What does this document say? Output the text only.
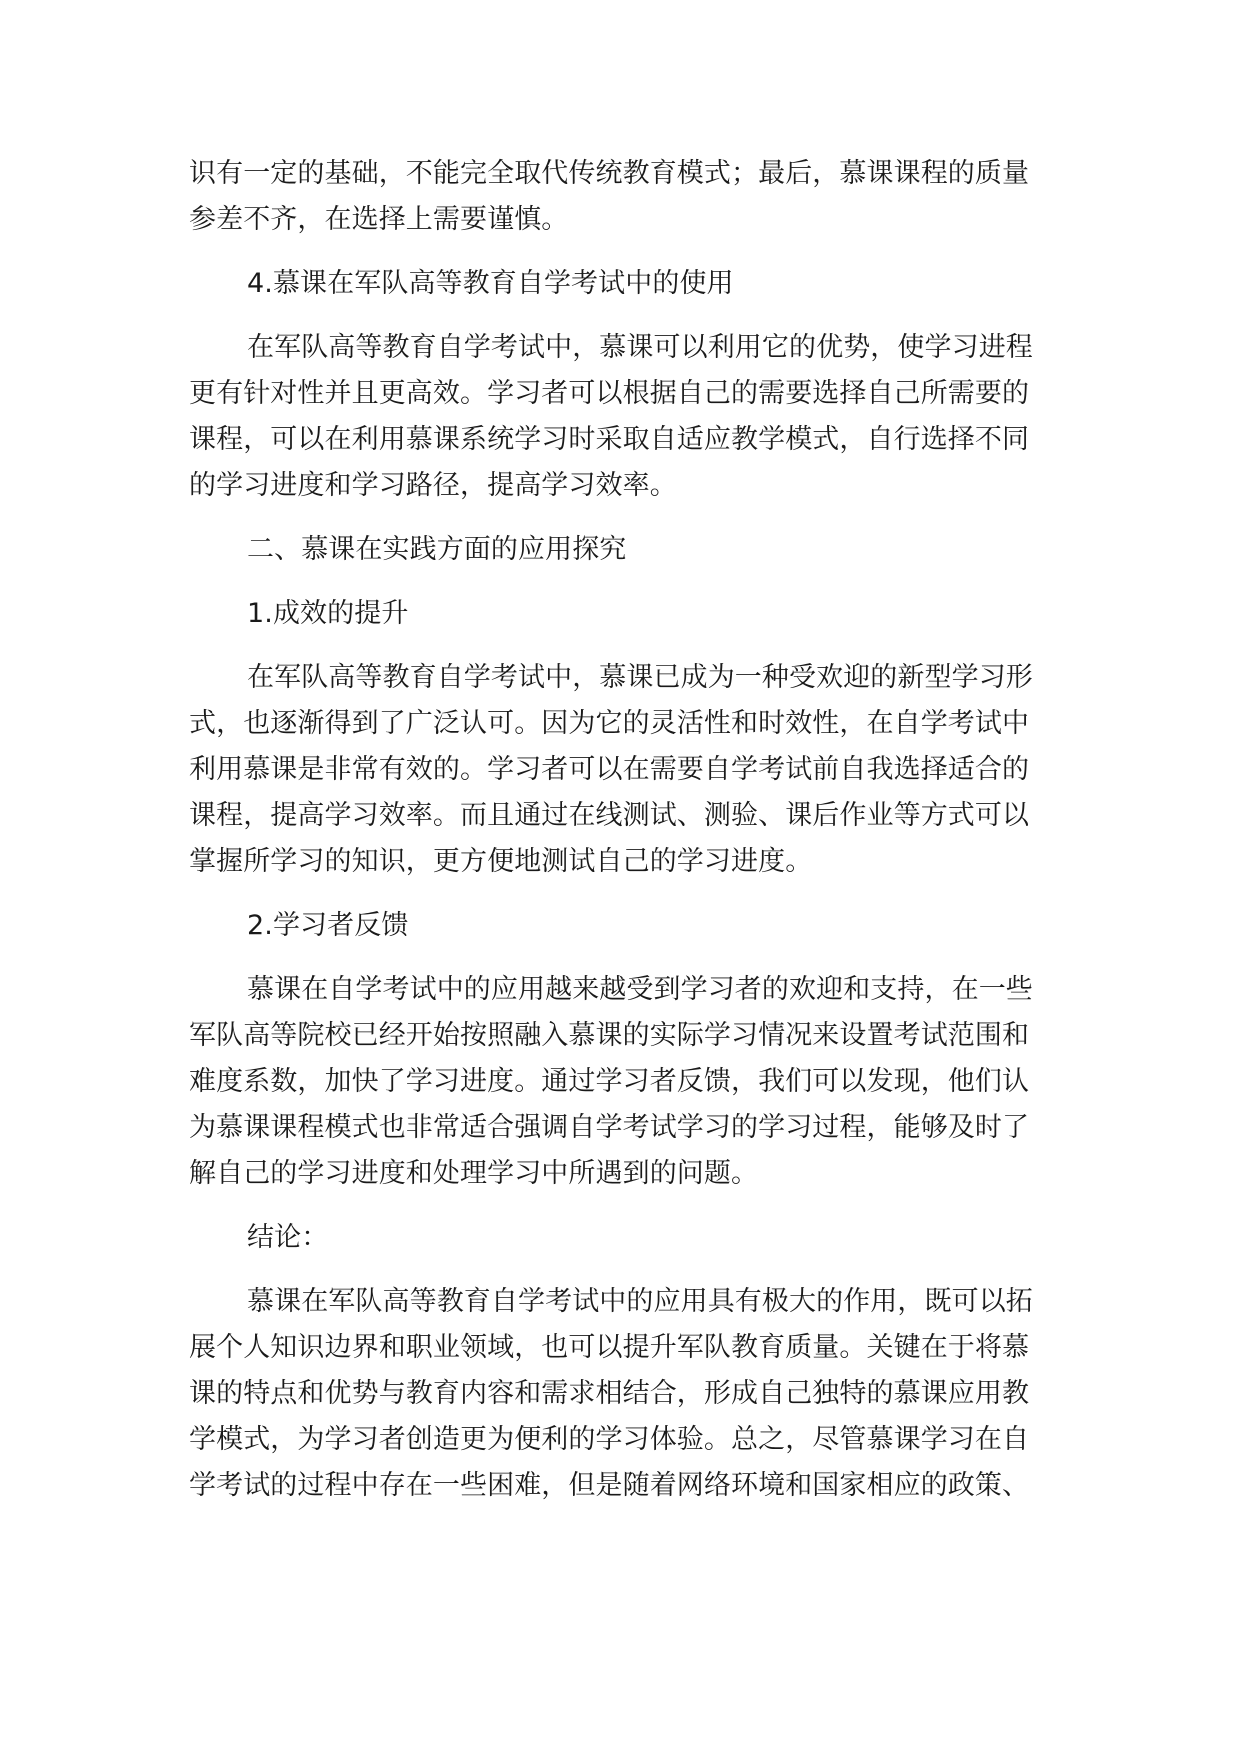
识有一定的基础，不能完全取代传统教育模式；最后，慕课课程的质量
参差不齐，在选择上需要谨慎。
4.慕课在军队高等教育自学考试中的使用
在军队高等教育自学考试中，慕课可以利用它的优势，使学习进程
更有针对性并且更高效。学习者可以根据自己的需要选择自己所需要的
课程，可以在利用慕课系统学习时采取自适应教学模式，自行选择不同
的学习进度和学习路径，提高学习效率。
二、慕课在实践方面的应用探究
1.成效的提升
在军队高等教育自学考试中，慕课已成为一种受欢迎的新型学习形
式，也逐渐得到了广泛认可。因为它的灵活性和时效性，在自学考试中
利用慕课是非常有效的。学习者可以在需要自学考试前自我选择适合的
课程，提高学习效率。而且通过在线测试、测验、课后作业等方式可以
掌握所学习的知识，更方便地测试自己的学习进度。
2.学习者反馈
慕课在自学考试中的应用越来越受到学习者的欢迎和支持，在一些
军队高等院校已经开始按照融入慕课的实际学习情况来设置考试范围和
难度系数，加快了学习进度。通过学习者反馈，我们可以发现，他们认
为慕课课程模式也非常适合强调自学考试学习的学习过程，能够及时了
解自己的学习进度和处理学习中所遇到的问题。
结论：
慕课在军队高等教育自学考试中的应用具有极大的作用，既可以拓
展个人知识边界和职业领域，也可以提升军队教育质量。关键在于将慕
课的特点和优势与教育内容和需求相结合，形成自己独特的慕课应用教
学模式，为学习者创造更为便利的学习体验。总之，尽管慕课学习在自
学考试的过程中存在一些困难，但是随着网络环境和国家相应的政策、
